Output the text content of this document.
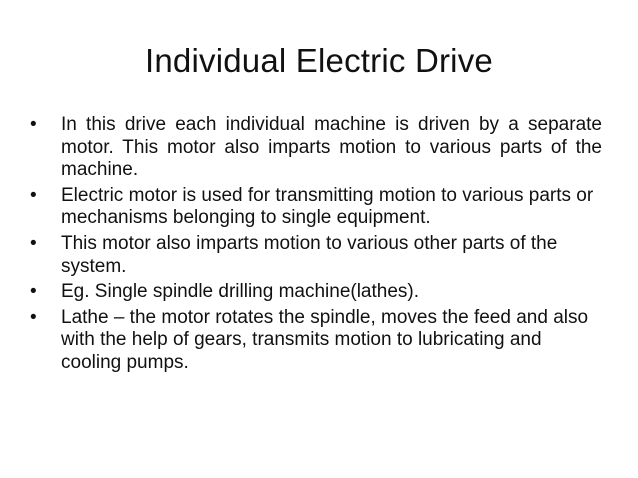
Individual Electric Drive
•	In this drive each individual machine is driven by a separate motor. This motor also imparts motion to various parts of the machine.
•	Electric motor is used for transmitting motion to various parts or mechanisms belonging to single equipment.
•	This motor also imparts motion to various other parts of the system.
•	Eg. Single spindle drilling machine(lathes).
•	Lathe – the motor rotates the spindle, moves the feed and also with the help of gears, transmits motion to lubricating and cooling pumps.
